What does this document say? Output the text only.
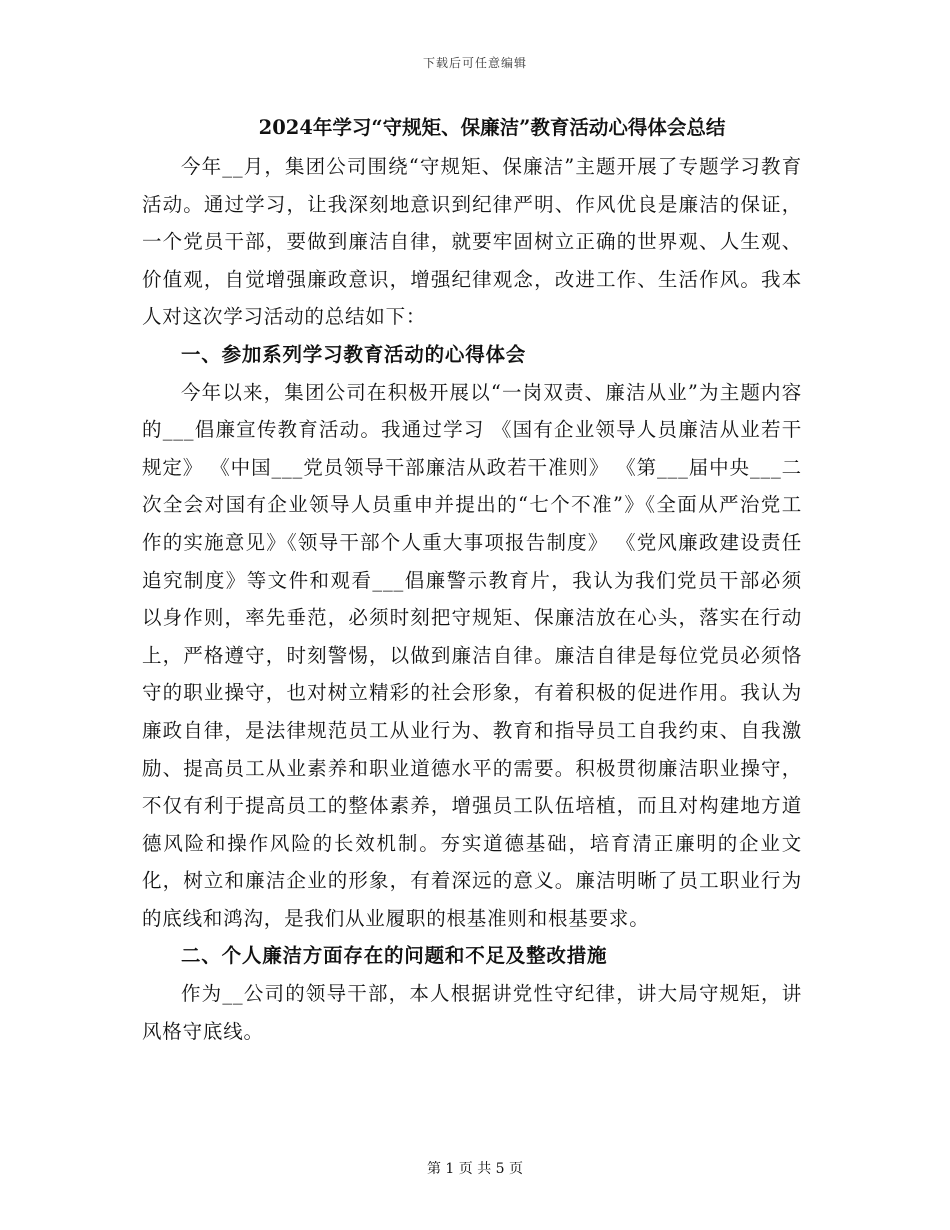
下载后可任意编辑
2024年学习“守规矩、保廉洁”教育活动心得体会总结

今年__月，集团公司围绕“守规矩、保廉洁”主题开展了专题学习教育活动。通过学习，让我深刻地意识到纪律严明、作风优良是廉洁的保证，一个党员干部，要做到廉洁自律，就要牢固树立正确的世界观、人生观、价值观，自觉增强廉政意识，增强纪律观念，改进工作、生活作风。我本人对这次学习活动的总结如下：

一、参加系列学习教育活动的心得体会

今年以来，集团公司在积极开展以“一岗双责、廉洁从业”为主题内容的___倡廉宣传教育活动。我通过学习 《国有企业领导人员廉洁从业若干规定》 《中国___党员领导干部廉洁从政若干准则》 《第___届中央___二次全会对国有企业领导人员重申并提出的“七个不准”》《全面从严治党工作的实施意见》《领导干部个人重大事项报告制度》 《党风廉政建设责任追究制度》等文件和观看___倡廉警示教育片，我认为我们党员干部必须以身作则，率先垂范，必须时刻把守规矩、保廉洁放在心头，落实在行动上，严格遵守，时刻警惕，以做到廉洁自律。廉洁自律是每位党员必须恪守的职业操守，也对树立精彩的社会形象，有着积极的促进作用。我认为廉政自律，是法律规范员工从业行为、教育和指导员工自我约束、自我激励、提高员工从业素养和职业道德水平的需要。积极贯彻廉洁职业操守，不仅有利于提高员工的整体素养，增强员工队伍培植，而且对构建地方道德风险和操作风险的长效机制。夯实道德基础，培育清正廉明的企业文化，树立和廉洁企业的形象，有着深远的意义。廉洁明晰了员工职业行为的底线和鸿沟，是我们从业履职的根基准则和根基要求。

二、个人廉洁方面存在的问题和不足及整改措施

作为__公司的领导干部，本人根据讲党性守纪律，讲大局守规矩，讲风格守底线。

第 1 页 共 5 页
